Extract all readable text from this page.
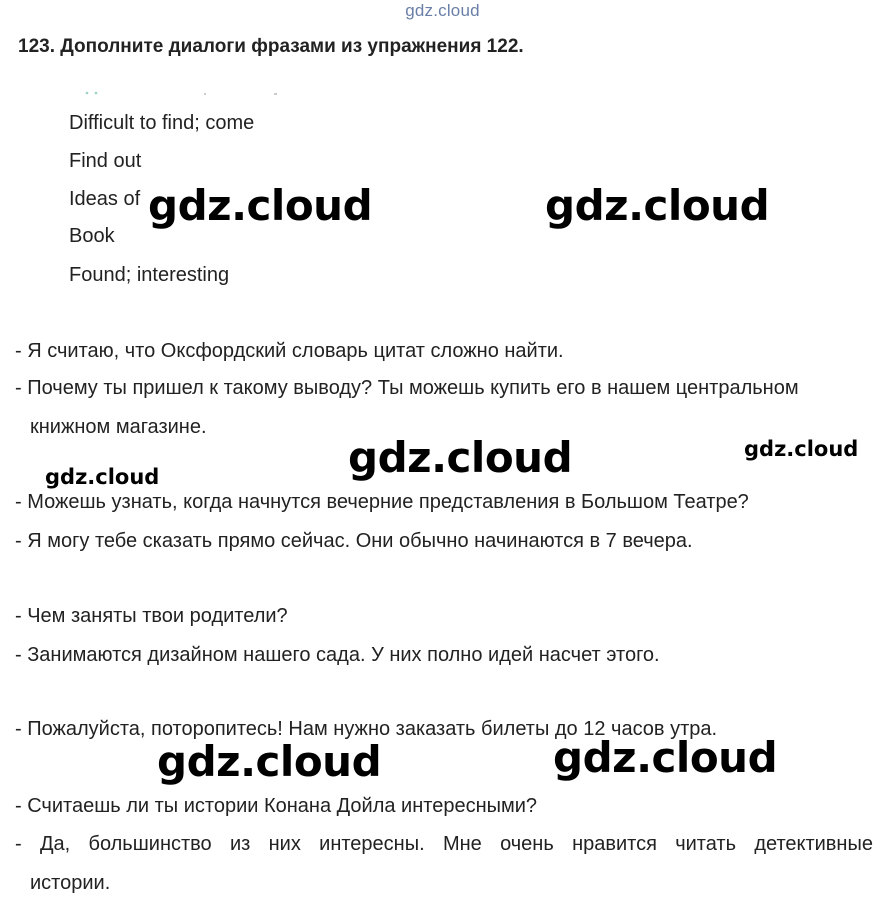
gdz.cloud
123. Дополните диалоги фразами из упражнения 122.
Difficult to find; come
Find out
Ideas of
Book
Found; interesting
- Я считаю, что Оксфордский словарь цитат сложно найти.
- Почему ты пришел к такому выводу? Ты можешь купить его в нашем центральном
книжном магазине.
- Можешь узнать, когда начнутся вечерние представления в Большом Театре?
- Я могу тебе сказать прямо сейчас. Они обычно начинаются в 7 вечера.
- Чем заняты твои родители?
- Занимаются дизайном нашего сада. У них полно идей насчет этого.
- Пожалуйста, поторопитесь! Нам нужно заказать билеты до 12 часов утра.
- Считаешь ли ты истории Конана Дойла интересными?
- Да, большинство из них интересны. Мне очень нравится читать детективные
истории.
gdz.cloud	gdz.cloud
gdz.cloud	gdz.cloud
gdz.cloud
gdz.cloud	gdz.cloud
